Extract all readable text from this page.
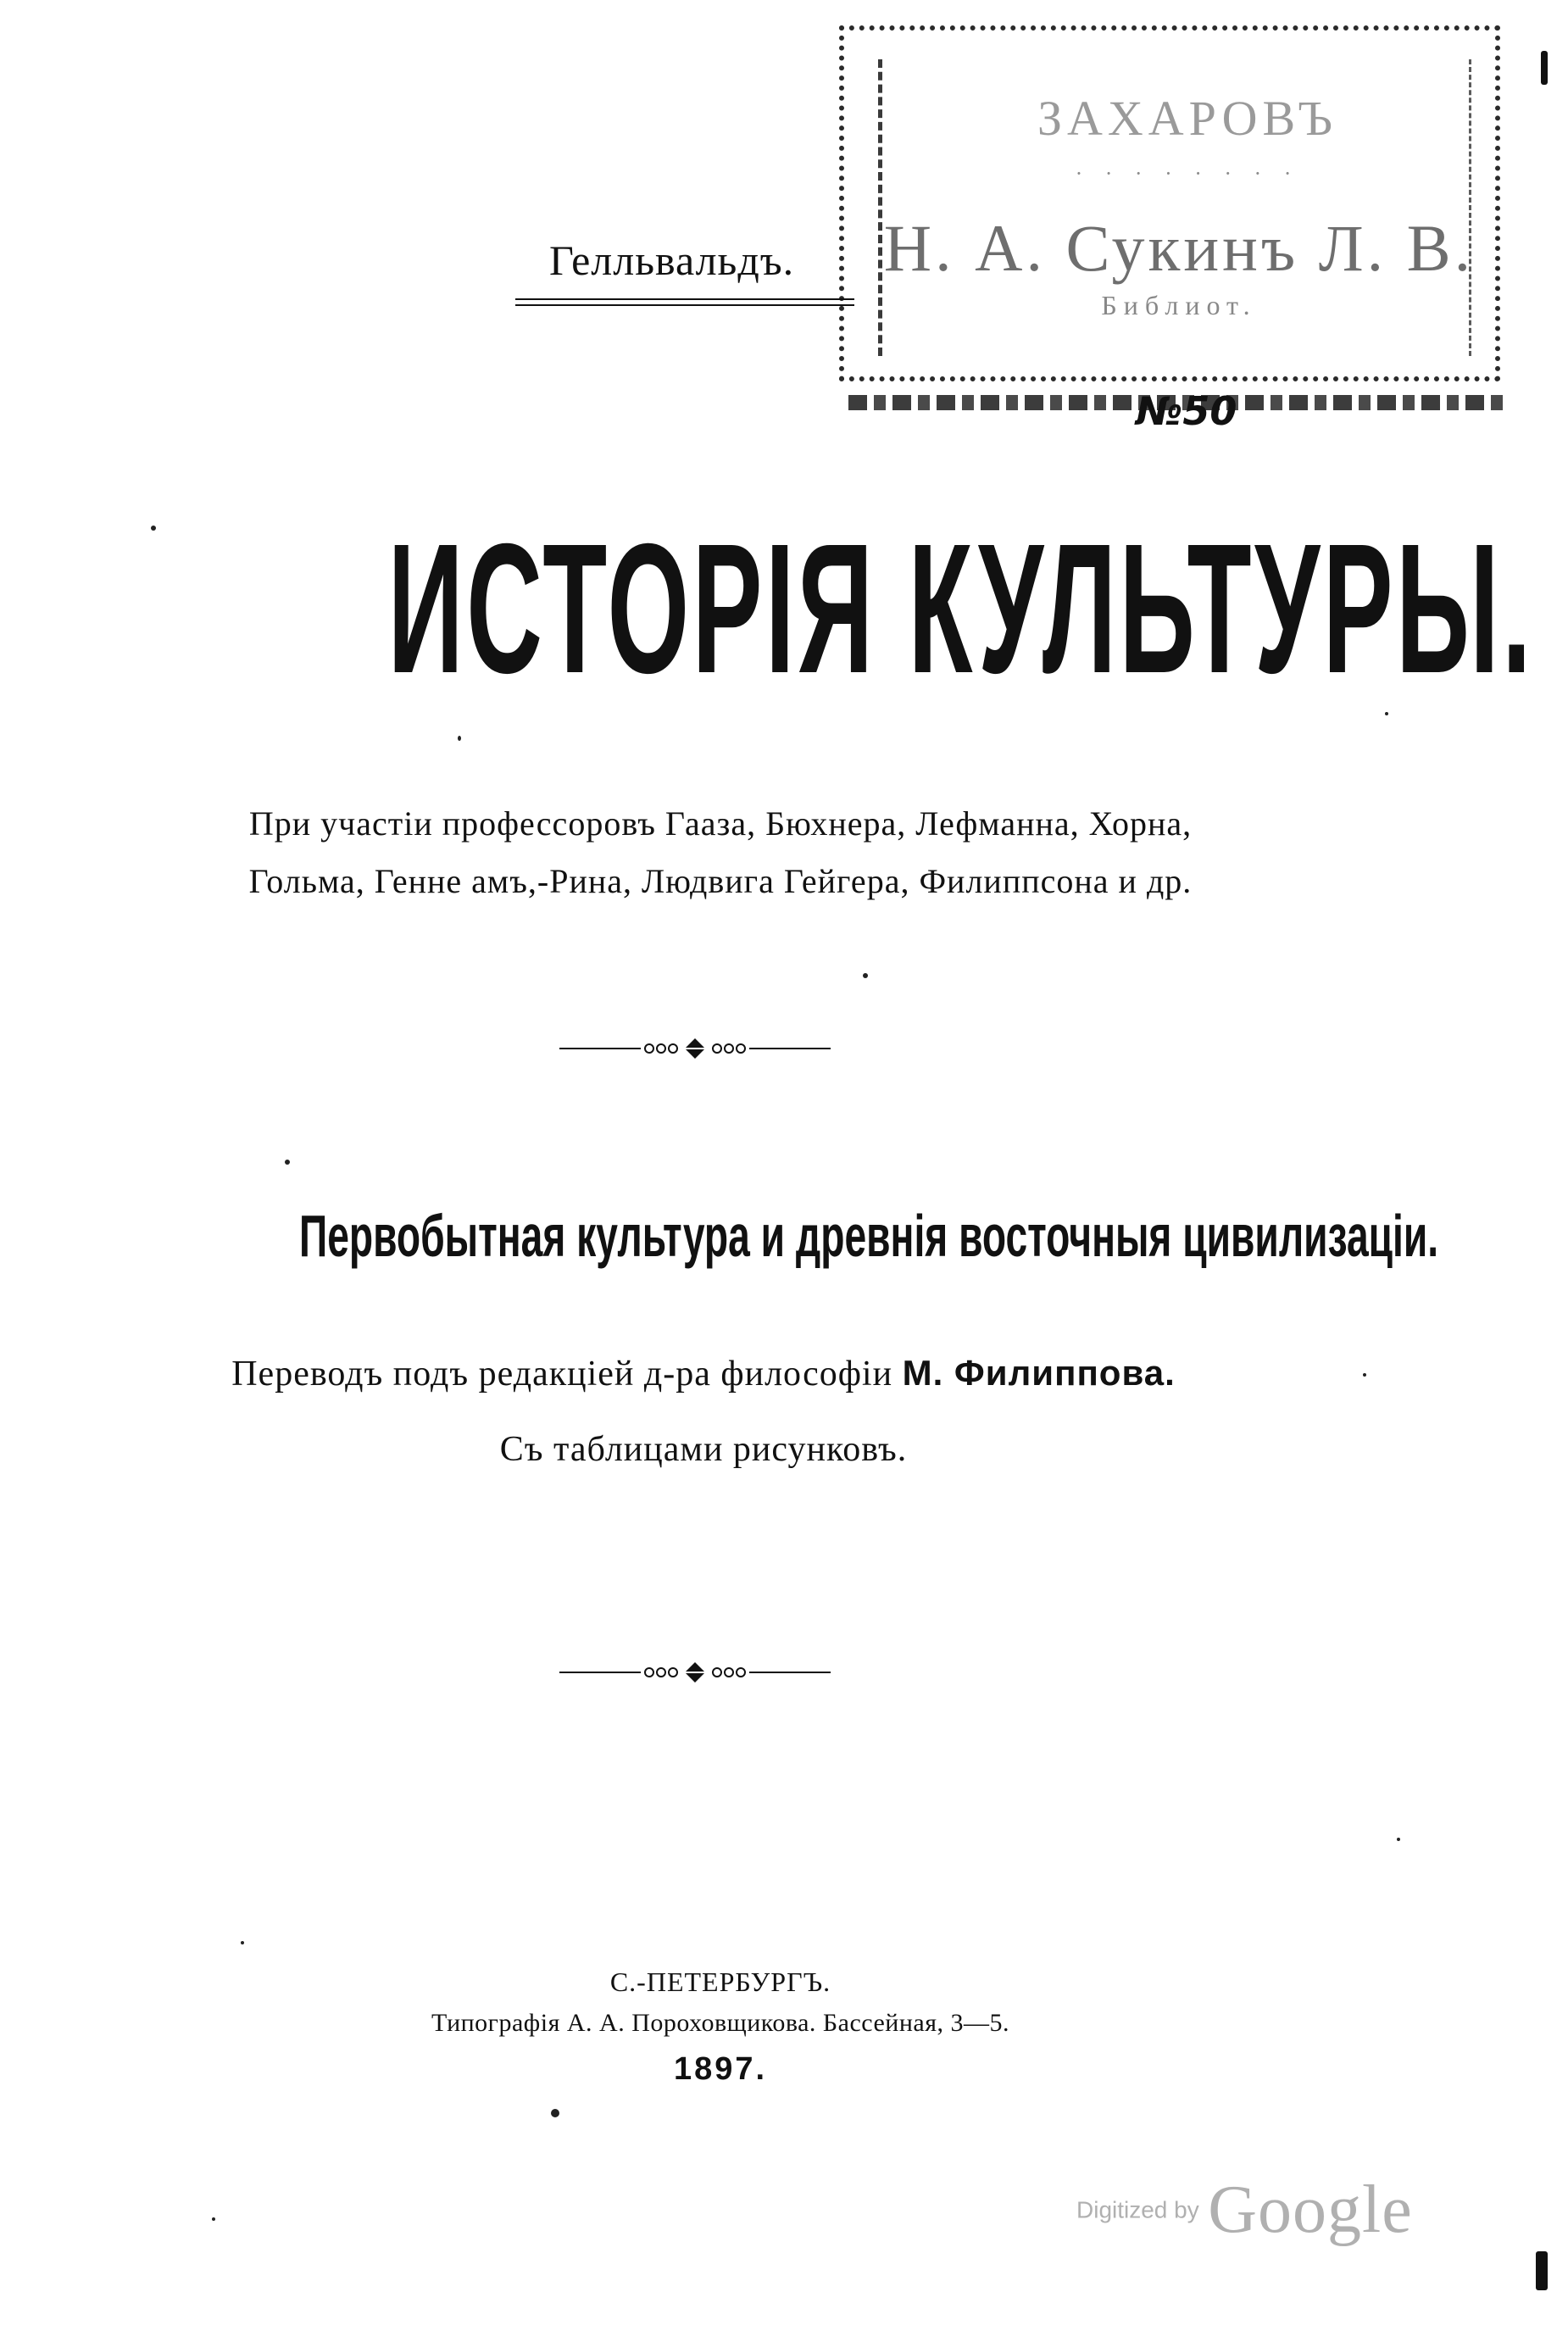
ЗАХАРОВЪ
· · · · · · · ·
Н. А. Сукинъ Л. В.
Библиот.
Гелльвальдъ.
№50
ИСТОРІЯ КУЛЬТУРЫ.
При участіи профессоровъ Гааза, Бюхнера, Лефманна, Хорна,
Гольма, Генне амъ,-Рина, Людвига Гейгера, Филиппсона и др.
Первобытная культура и древнія восточныя цивилизаціи.
Переводъ подъ редакціей д-ра философіи М. Филиппова.
Съ таблицами рисунковъ.
С.-ПЕТЕРБУРГЪ.
Типографія А. А. Пороховщикова. Бассейная, 3—5.
1897.
Digitized by Google
